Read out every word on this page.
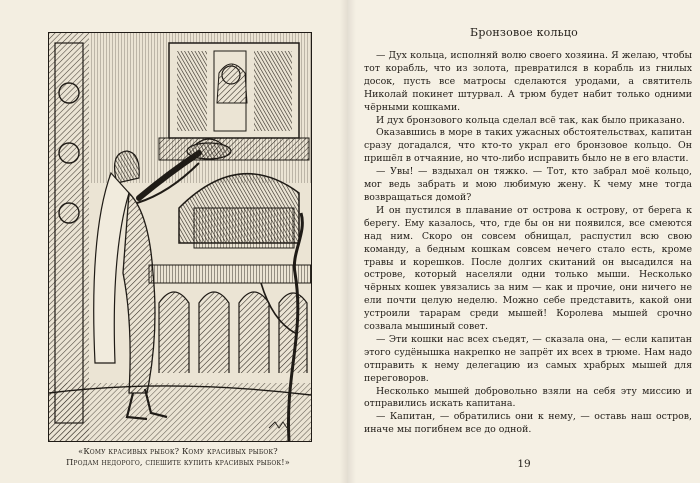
«Кому красивых рыбок? Кому красивых рыбок?
Продам недорого, спешите купить красивых рыбок!»
Бронзовое кольцо

— Дух кольца, исполняй волю своего хозяина. Я желаю, чтобы тот корабль, что из золота, превратился в корабль из гнилых досок, пусть все матросы сделаются уродами, а святитель Николай покинет штурвал. А трюм будет набит только одними чёрными кошками.

И дух бронзового кольца сделал всё так, как было приказано.

Оказавшись в море в таких ужасных обстоятельствах, капитан сразу догадался, что кто-то украл его бронзовое кольцо. Он пришёл в отчаяние, но что-либо исправить было не в его власти.

— Увы! — вздыхал он тяжко. — Тот, кто забрал моё кольцо, мог ведь забрать и мою любимую жену. К чему мне тогда возвращаться домой?

И он пустился в плавание от острова к острову, от берега к берегу. Ему казалось, что, где бы он ни появился, все смеются над ним. Скоро он совсем обнищал, распустил всю свою команду, а бедным кошкам совсем нечего стало есть, кроме травы и корешков. После долгих скитаний он высадился на острове, который населяли одни только мыши. Несколько чёрных кошек увязались за ним — как и прочие, они ничего не ели почти целую неделю. Можно себе представить, какой они устроили тарарам среди мышей! Королева мышей срочно созвала мышиный совет.

— Эти кошки нас всех съедят, — сказала она, — если капитан этого судёнышка накрепко не запрёт их всех в трюме. Нам надо отправить к нему делегацию из самых храбрых мышей для переговоров.

Несколько мышей добровольно взяли на себя эту миссию и отправились искать капитана.

— Капитан, — обратились они к нему, — оставь наш остров, иначе мы погибнем все до одной.

19
